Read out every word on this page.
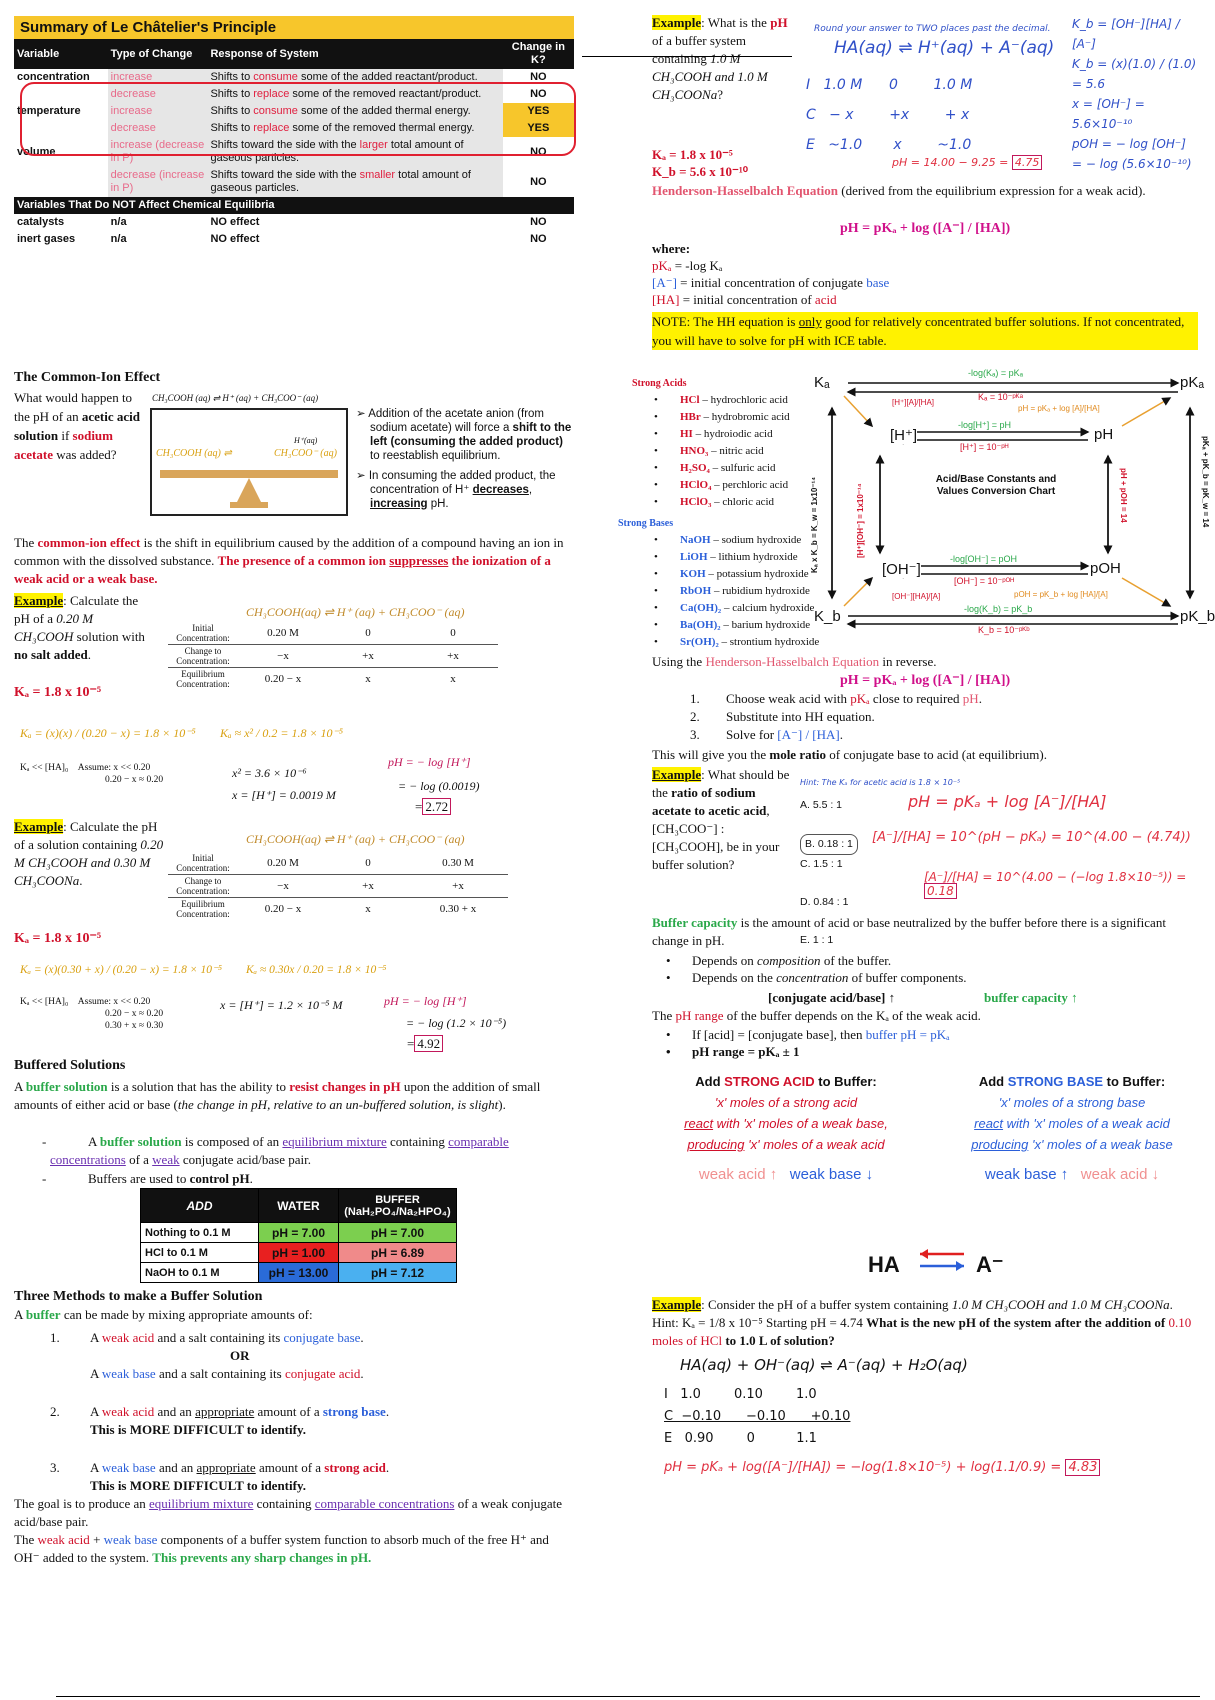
Summary of Le Châtelier's Principle			
Variable	Type of Change	Response of System	Change in K?
concentration	increase	Shifts to consume some of the added reactant/product.	NO
	decrease	Shifts to replace some of the removed reactant/product.	NO
temperature	increase	Shifts to consume some of the added thermal energy.	YES
	decrease	Shifts to replace some of the removed thermal energy.	YES
volume	increase (decrease in P)	Shifts toward the side with the larger total amount of gaseous particles.	NO
	decrease (increase in P)	Shifts toward the side with the smaller total amount of gaseous particles.	NO
Variables That Do NOT Affect Chemical Equilibria			
catalysts	n/a	NO effect	NO
inert gases	n/a	NO effect	NO
The Common-Ion Effect
What would happen to the pH of an acetic acid solution if sodium acetate was added?
CH₃COOH (aq) ⇌ H⁺ (aq) + CH₃COO⁻ (aq)
CH₃COOH (aq) ⇌	CH₃COO⁻ (aq)
H⁺(aq)
➢ Addition of the acetate anion (from sodium acetate) will force a shift to the left (consuming the added product) to reestablish equilibrium.
➢ In consuming the added product, the concentration of H⁺ decreases, increasing pH.
The common-ion effect is the shift in equilibrium caused by the addition of a compound having an ion in common with the dissolved substance. The presence of a common ion suppresses the ionization of a weak acid or a weak base.
Example: Calculate the pH of a 0.20 M CH₃COOH solution with no salt added.
CH₃COOH(aq) ⇌ H⁺ (aq) + CH₃COO⁻ (aq)
Initial Concentration:	0.20 M	0	0
Change to Concentration:	−x	+x	+x
Equilibrium Concentration:	0.20 − x	x	x
Kₐ = 1.8 x 10⁻⁵
Kₐ = (x)(x) / (0.20 − x) = 1.8 × 10⁻⁵ Kₐ ≈ x² / 0.2 = 1.8 × 10⁻⁵
Kₐ << [HA]₀ Assume: x << 0.20
0.20 − x ≈ 0.20	x² = 3.6 × 10⁻⁶
x = [H⁺] = 0.0019 M
pH = − log [H⁺]
= − log (0.0019)
= 2.72
Example: Calculate the pH of a solution containing 0.20 M CH₃COOH and 0.30 M CH₃COONa.
CH₃COOH(aq) ⇌ H⁺ (aq) + CH₃COO⁻ (aq)
Initial Concentration:	0.20 M	0	0.30 M
Change to Concentration:	−x	+x	+x
Equilibrium Concentration:	0.20 − x	x	0.30 + x
Kₐ = 1.8 x 10⁻⁵
Kₐ = (x)(0.30 + x) / (0.20 − x) = 1.8 × 10⁻⁵ Kₐ ≈ 0.30x / 0.20 = 1.8 × 10⁻⁵
Kₐ << [HA]₀ Assume: x << 0.20
0.20 − x ≈ 0.20
0.30 + x ≈ 0.30
x = [H⁺] = 1.2 × 10⁻⁵ M	pH = − log [H⁺]
= − log (1.2 × 10⁻⁵)
= 4.92
Buffered Solutions
A buffer solution is a solution that has the ability to resist changes in pH upon the addition of small amounts of either acid or base (the change in pH, relative to an un-buffered solution, is slight).
-	A buffer solution is composed of an equilibrium mixture containing comparable concentrations of a weak conjugate acid/base pair.
-	Buffers are used to control pH.
ADD	WATER	BUFFER (NaH₂PO₄/Na₂HPO₄)
Nothing to 0.1 M	pH = 7.00	pH = 7.00
HCl to 0.1 M	pH = 1.00	pH = 6.89
NaOH to 0.1 M	pH = 13.00	pH = 7.12
Three Methods to make a Buffer Solution
A buffer can be made by mixing appropriate amounts of:
1. A weak acid and a salt containing its conjugate base.
OR
A weak base and a salt containing its conjugate acid.
2. A weak acid and an appropriate amount of a strong base.
This is MORE DIFFICULT to identify.
3. A weak base and an appropriate amount of a strong acid.
This is MORE DIFFICULT to identify.
The goal is to produce an equilibrium mixture containing comparable concentrations of a weak conjugate acid/base pair.
The weak acid + weak base components of a buffer system function to absorb much of the free H⁺ and OH⁻ added to the system. This prevents any sharp changes in pH.
Example: What is the pH of a buffer system containing 1.0 M CH₃COOH and 1.0 M CH₃COONa?
Kₐ = 1.8 x 10⁻⁵
K_b = 5.6 x 10⁻¹⁰
Round your answer to TWO places past the decimal.
HA(aq) ⇌ H⁺(aq) + A⁻(aq)
I   1.0 M      0        1.0 M
C   − x        +x        + x
E   ~1.0       x        ~1.0
K_b = [OH⁻][HA] / [A⁻]
K_b = (x)(1.0) / (1.0) = 5.6
x = [OH⁻] = 5.6×10⁻¹⁰
pOH = − log [OH⁻]
= − log (5.6×10⁻¹⁰)
pH = 14.00 − 9.25 = 4.75
Henderson-Hasselbalch Equation (derived from the equilibrium expression for a weak acid).
pH = pKₐ + log ([A⁻] / [HA])
where:
pKₐ = -log Kₐ
[A⁻] = initial concentration of conjugate base
[HA] = initial concentration of acid
NOTE: The HH equation is only good for relatively concentrated buffer solutions. If not concentrated, you will have to solve for pH with ICE table.
Strong Acids
• HCl – hydrochloric acid
• HBr – hydrobromic acid
• HI – hydroiodic acid
• HNO₃ – nitric acid
• H₂SO₄ – sulfuric acid
• HClO₄ – perchloric acid
• HClO₃ – chloric acid
Strong Bases
• NaOH – sodium hydroxide
• LiOH – lithium hydroxide
• KOH – potassium hydroxide
• RbOH – rubidium hydroxide
• Ca(OH)₂ – calcium hydroxide
• Ba(OH)₂ – barium hydroxide
• Sr(OH)₂ – strontium hydroxide
Kₐ	pKₐ
K_b	pK_b
[H⁺]	pH
[OH⁻]	pOH
Acid/Base Constants and Values Conversion Chart
-log(Kₐ) = pKₐ
Kₐ = 10⁻ᵖᴷᵃ
-log[H⁺] = pH
[H⁺] = 10⁻ᵖᴴ
-log[OH⁻] = pOH
[OH⁻] = 10⁻ᵖᴼᴴ
-log(K_b) = pK_b
K_b = 10⁻ᵖᴷᵇ
pH = pKₐ + log [A]/[HA]
pOH = pK_b + log [HA]/[A]
[H⁺][A]/[HA]
[OH⁻][HA]/[A]
Kₐ x K_b = K_w = 1x10⁻¹⁴	[H⁺][OH⁻] = 1x10⁻¹⁴	pH + pOH = 14	pKₐ + pK_b = pK_w = 14
Using the Henderson-Hasselbalch Equation in reverse.
pH = pKₐ + log ([A⁻] / [HA])
1. Choose weak acid with pKₐ close to required pH.
2. Substitute into HH equation.
3. Solve for [A⁻] / [HA].
This will give you the mole ratio of conjugate base to acid (at equilibrium).
Example: What should be the ratio of sodium acetate to acetic acid, [CH₃COO⁻] : [CH₃COOH], be in your buffer solution?
Hint: The Kₐ for acetic acid is 1.8 × 10⁻⁵
A. 5.5 : 1

B. 0.18 : 1

C. 1.5 : 1

D. 0.84 : 1

E. 1 : 1

pH = pKₐ + log [A⁻]/[HA]
[A⁻]/[HA] = 10^(pH − pKₐ) = 10^(4.00 − (4.74))
[A⁻]/[HA] = 10^(4.00 − (−log 1.8×10⁻⁵)) = 0.18
Buffer capacity is the amount of acid or base neutralized by the buffer before there is a significant change in pH.
• Depends on composition of the buffer.
• Depends on the concentration of buffer components.
[conjugate acid/base] ↑	buffer capacity ↑
The pH range of the buffer depends on the Kₐ of the weak acid.
• If [acid] = [conjugate base], then buffer pH = pKₐ
• pH range = pKₐ ± 1
Add STRONG ACID to Buffer:
'x' moles of a strong acid
react with 'x' moles of a weak base,
producing 'x' moles of a weak acid
weak acid ↑ weak base ↓
Add STRONG BASE to Buffer:
'x' moles of a strong base
react with 'x' moles of a weak acid
producing 'x' moles of a weak base
weak base ↑ weak acid ↓
HA	A⁻
Example: Consider the pH of a buffer system containing 1.0 M CH₃COOH and 1.0 M CH₃COONa. Hint: Kₐ = 1/8 x 10⁻⁵ Starting pH = 4.74 What is the new pH of the system after the addition of 0.10 moles of HCl to 1.0 L of solution?
HA(aq) + OH⁻(aq) ⇌ A⁻(aq) + H₂O(aq)
I   1.0        0.10        1.0
C  −0.10      −0.10      +0.10
E   0.90        0          1.1
pH = pKₐ + log([A⁻]/[HA]) = −log(1.8×10⁻⁵) + log(1.1/0.9) = 4.83
